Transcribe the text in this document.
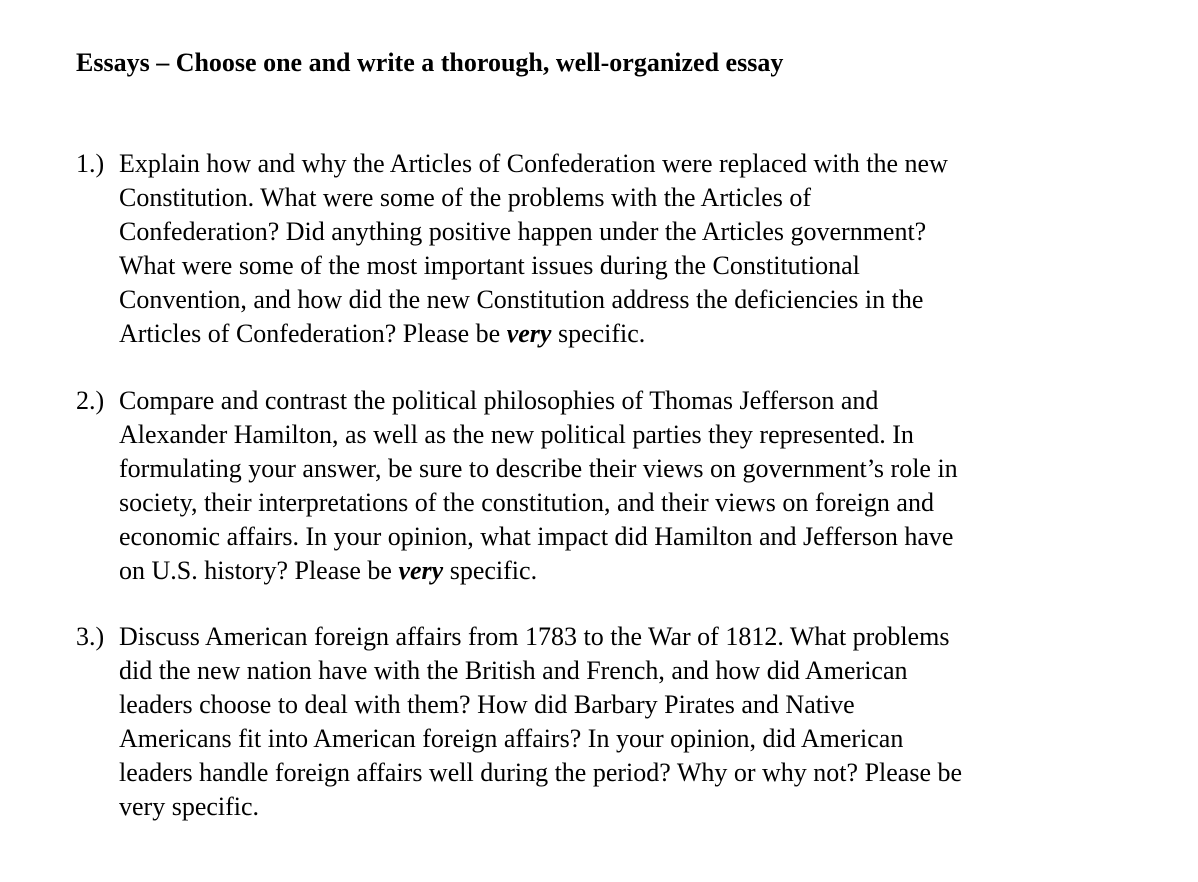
Essays – Choose one and write a thorough, well-organized essay
1.) Explain how and why the Articles of Confederation were replaced with the new
Constitution. What were some of the problems with the Articles of
Confederation? Did anything positive happen under the Articles government?
What were some of the most important issues during the Constitutional
Convention, and how did the new Constitution address the deficiencies in the
Articles of Confederation? Please be very specific.
2.) Compare and contrast the political philosophies of Thomas Jefferson and
Alexander Hamilton, as well as the new political parties they represented. In
formulating your answer, be sure to describe their views on government’s role in
society, their interpretations of the constitution, and their views on foreign and
economic affairs. In your opinion, what impact did Hamilton and Jefferson have
on U.S. history? Please be very specific.
3.) Discuss American foreign affairs from 1783 to the War of 1812. What problems
did the new nation have with the British and French, and how did American
leaders choose to deal with them? How did Barbary Pirates and Native
Americans fit into American foreign affairs? In your opinion, did American
leaders handle foreign affairs well during the period? Why or why not? Please be
very specific.
